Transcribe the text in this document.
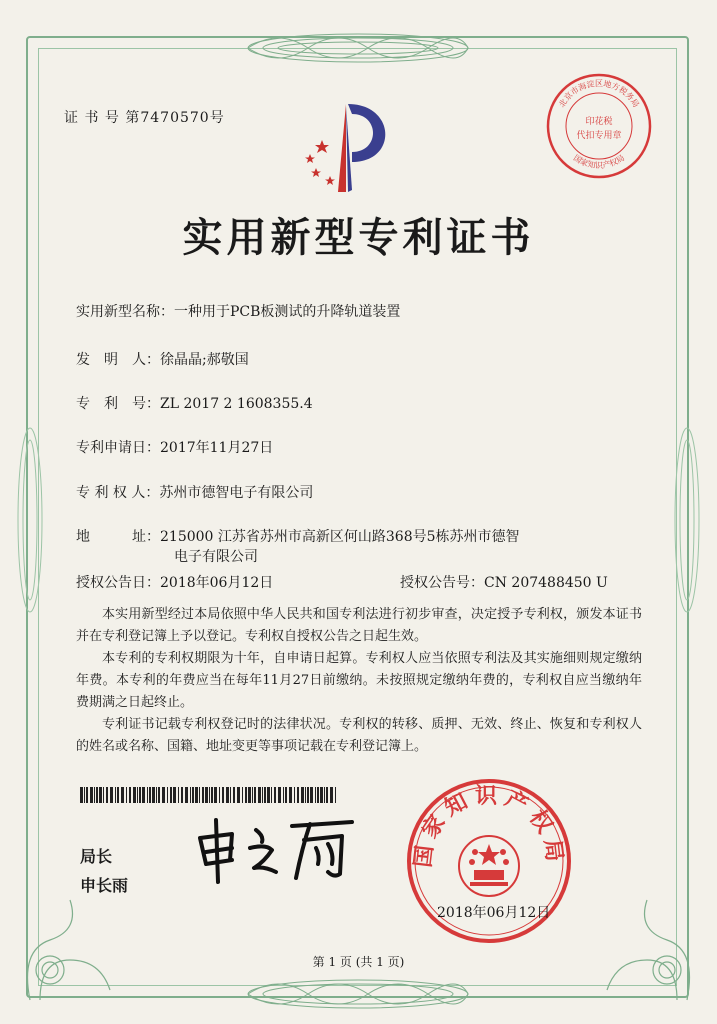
证 书 号 第7470570号
实用新型专利证书
实用新型名称：一种用于PCB板测试的升降轨道装置
发　明　人：徐晶晶;郝敬国
专　利　号：ZL 2017 2 1608355.4
专利申请日：2017年11月27日
专 利 权 人：苏州市德智电子有限公司
地　　　址：215000 江苏省苏州市高新区何山路368号5栋苏州市德智
电子有限公司
授权公告日：2018年06月12日	授权公告号：CN 207488450 U
本实用新型经过本局依照中华人民共和国专利法进行初步审查，决定授予专利权，颁发本证书并在专利登记簿上予以登记。专利权自授权公告之日起生效。
本专利的专利权期限为十年，自申请日起算。专利权人应当依照专利法及其实施细则规定缴纳年费。本专利的年费应当在每年11月27日前缴纳。未按照规定缴纳年费的，专利权自应当缴纳年费期满之日起终止。
专利证书记载专利权登记时的法律状况。专利权的转移、质押、无效、终止、恢复和专利权人的姓名或名称、国籍、地址变更等事项记载在专利登记簿上。
局长
申长雨
国家知识产权局
2018年06月12日
北京市海淀区地方税务局
国家知识产权局
印花税
代扣专用章
第 1 页 (共 1 页)
